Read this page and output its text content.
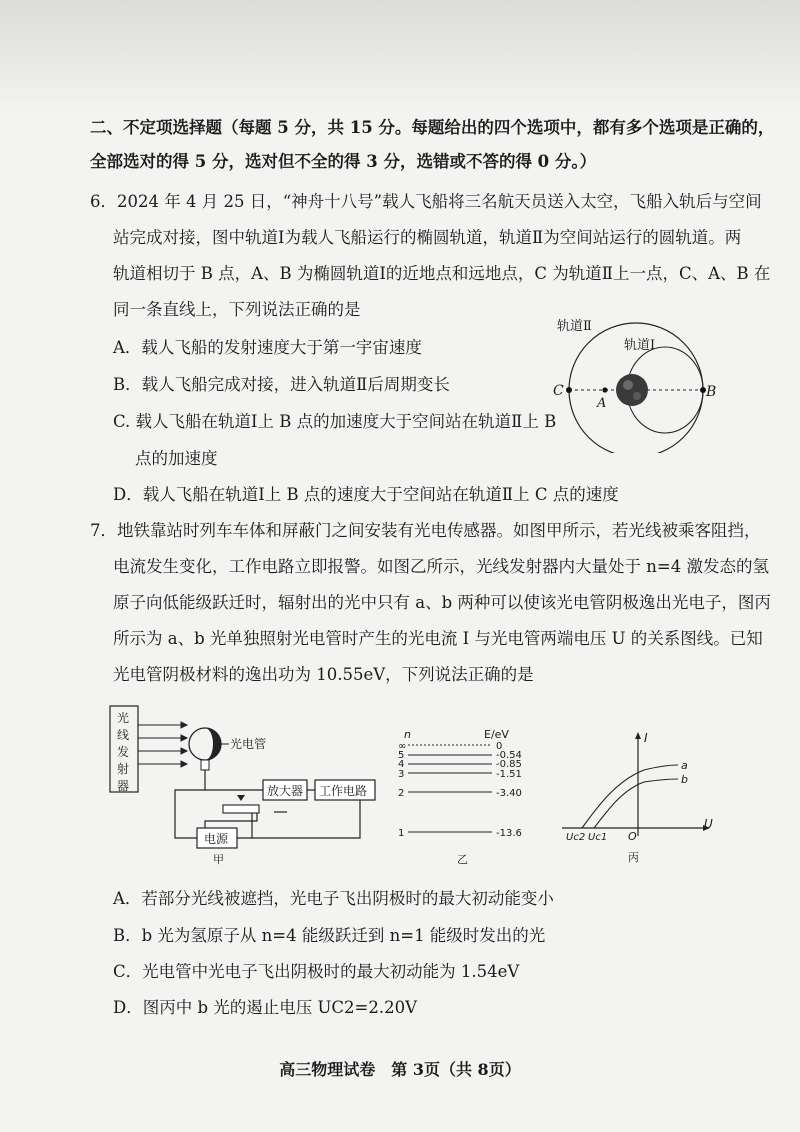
二、不定项选择题（每题 5 分，共 15 分。每题给出的四个选项中，都有多个选项是正确的，
全部选对的得 5 分，选对但不全的得 3 分，选错或不答的得 0 分。）
6．2024 年 4 月 25 日，“神舟十八号”载人飞船将三名航天员送入太空，飞船入轨后与空间
站完成对接，图中轨道Ⅰ为载人飞船运行的椭圆轨道，轨道Ⅱ为空间站运行的圆轨道。两
轨道相切于 B 点，A、B 为椭圆轨道Ⅰ的近地点和远地点，C 为轨道Ⅱ上一点，C、A、B 在
同一条直线上，下列说法正确的是
A．载人飞船的发射速度大于第一宇宙速度
B．载人飞船完成对接，进入轨道Ⅱ后周期变长
C. 载人飞船在轨道Ⅰ上 B 点的加速度大于空间站在轨道Ⅱ上 B
点的加速度
D．载人飞船在轨道Ⅰ上 B 点的速度大于空间站在轨道Ⅱ上 C 点的速度
轨道Ⅱ
轨道Ⅰ
C
A
B
7．地铁靠站时列车车体和屏蔽门之间安装有光电传感器。如图甲所示，若光线被乘客阻挡，
电流发生变化，工作电路立即报警。如图乙所示，光线发射器内大量处于 n=4 激发态的氢
原子向低能级跃迁时，辐射出的光中只有 a、b 两种可以使该光电管阴极逸出光电子，图丙
所示为 a、b 光单独照射光电管时产生的光电流 I 与光电管两端电压 U 的关系图线。已知
光电管阴极材料的逸出功为 10.55eV，下列说法正确的是
光
线
发
射
器
光电管
放大器 工作电路
电源
甲
n	E/eV
∞
5
4
3
2
1
0
-0.54
-0.85
-1.51
-3.40
-13.6
乙
I
U
a
b
Uc2 Uc1 O
丙
A．若部分光线被遮挡，光电子飞出阴极时的最大初动能变小
B．b 光为氢原子从 n=4 能级跃迁到 n=1 能级时发出的光
C．光电管中光电子飞出阴极时的最大初动能为 1.54eV
D．图丙中 b 光的遏止电压 UC2=2.20V
高三物理试卷　第 3页（共 8页）
